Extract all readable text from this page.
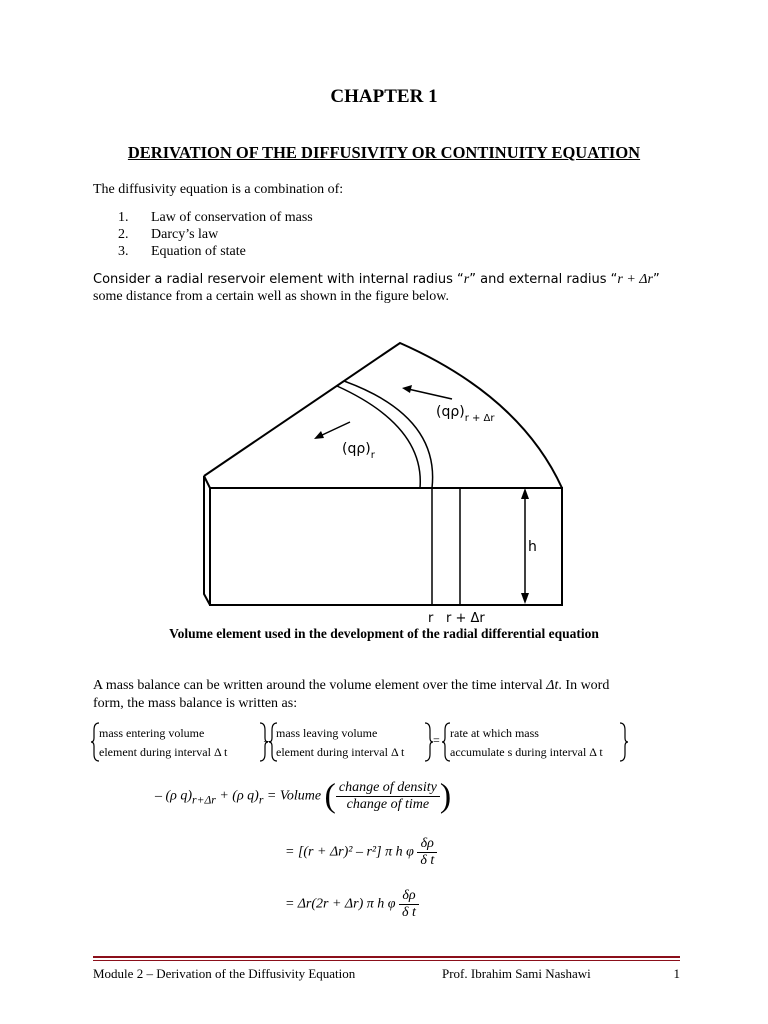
CHAPTER 1
DERIVATION OF THE DIFFUSIVITY OR CONTINUITY EQUATION
The diffusivity equation is a combination of:
1. Law of conservation of mass
2. Darcy’s law
3. Equation of state
Consider a radial reservoir element with internal radius “r” and external radius “r + Δr”
some distance from a certain well as shown in the figure below.
$(q\rho)_{r + \Delta r}$
$(q\rho)_r$
h
r r + Δr
Volume element used in the development of the radial differential equation
A mass balance can be written around the volume element over the time interval Δt. In word
form, the mass balance is written as:
mass entering volume
element during interval Δ t
– mass leaving volume
element during interval Δ t
= rate at which mass
accumulate s during interval Δ t
– (ρ $q)_{r+\Delta r} + (\rho$ $q)_r$ = Volume ( $\frac{\text{change of density}}{\text{change of time}}$ )
= [(r + Δr)² – r²] π h φ $\frac{\delta\rho}{\text{δ t}}$
= Δr(2r + Δr) π h φ $\frac{\delta\rho}{\text{δ t}}$
Module 2 – Derivation of the Diffusivity Equation	Prof. Ibrahim Sami Nashawi	1
